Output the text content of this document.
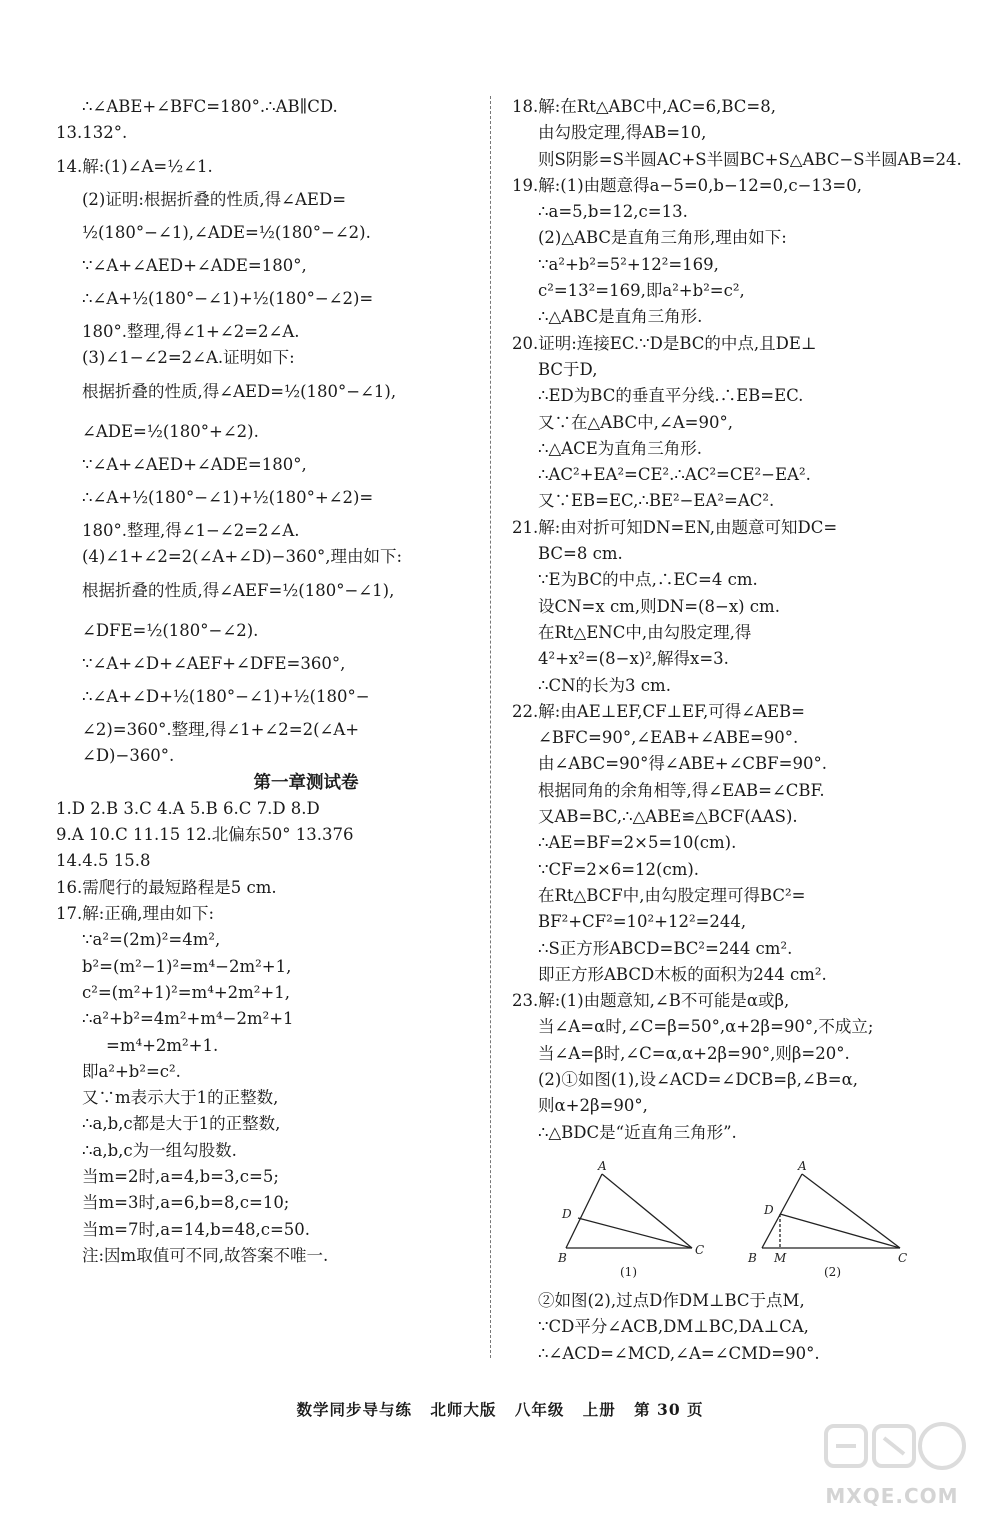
∴∠ABE+∠BFC=180°.∴AB∥CD.
13.132°.
14.解:(1)∠A=½∠1.
(2)证明:根据折叠的性质,得∠AED=
½(180°−∠1),∠ADE=½(180°−∠2).
∵∠A+∠AED+∠ADE=180°,
∴∠A+½(180°−∠1)+½(180°−∠2)=
180°.整理,得∠1+∠2=2∠A.
(3)∠1−∠2=2∠A.证明如下:
根据折叠的性质,得∠AED=½(180°−∠1),
∠ADE=½(180°+∠2).
∵∠A+∠AED+∠ADE=180°,
∴∠A+½(180°−∠1)+½(180°+∠2)=
180°.整理,得∠1−∠2=2∠A.
(4)∠1+∠2=2(∠A+∠D)−360°,理由如下:
根据折叠的性质,得∠AEF=½(180°−∠1),
∠DFE=½(180°−∠2).
∵∠A+∠D+∠AEF+∠DFE=360°,
∴∠A+∠D+½(180°−∠1)+½(180°−
∠2)=360°.整理,得∠1+∠2=2(∠A+
∠D)−360°.
第一章测试卷
1.D 2.B 3.C 4.A 5.B 6.C 7.D 8.D
9.A 10.C 11.15 12.北偏东50° 13.376
14.4.5 15.8
16.需爬行的最短路程是5 cm.
17.解:正确,理由如下:
∵a²=(2m)²=4m²,
b²=(m²−1)²=m⁴−2m²+1,
c²=(m²+1)²=m⁴+2m²+1,
∴a²+b²=4m²+m⁴−2m²+1
=m⁴+2m²+1.
即a²+b²=c².
又∵m表示大于1的正整数,
∴a,b,c都是大于1的正整数,
∴a,b,c为一组勾股数.
当m=2时,a=4,b=3,c=5;
当m=3时,a=6,b=8,c=10;
当m=7时,a=14,b=48,c=50.
注:因m取值可不同,故答案不唯一.
18.解:在Rt△ABC中,AC=6,BC=8,
由勾股定理,得AB=10,
则S阴影=S半圆AC+S半圆BC+S△ABC−S半圆AB=24.
19.解:(1)由题意得a−5=0,b−12=0,c−13=0,
∴a=5,b=12,c=13.
(2)△ABC是直角三角形,理由如下:
∵a²+b²=5²+12²=169,
c²=13²=169,即a²+b²=c²,
∴△ABC是直角三角形.
20.证明:连接EC.∵D是BC的中点,且DE⊥
BC于D,
∴ED为BC的垂直平分线.∴EB=EC.
又∵在△ABC中,∠A=90°,
∴△ACE为直角三角形.
∴AC²+EA²=CE².∴AC²=CE²−EA².
又∵EB=EC,∴BE²−EA²=AC².
21.解:由对折可知DN=EN,由题意可知DC=
BC=8 cm.
∵E为BC的中点,∴EC=4 cm.
设CN=x cm,则DN=(8−x) cm.
在Rt△ENC中,由勾股定理,得
4²+x²=(8−x)²,解得x=3.
∴CN的长为3 cm.
22.解:由AE⊥EF,CF⊥EF,可得∠AEB=
∠BFC=90°,∠EAB+∠ABE=90°.
由∠ABC=90°得∠ABE+∠CBF=90°.
根据同角的余角相等,得∠EAB=∠CBF.
又AB=BC,∴△ABE≌△BCF(AAS).
∴AE=BF=2×5=10(cm).
∵CF=2×6=12(cm).
在Rt△BCF中,由勾股定理可得BC²=
BF²+CF²=10²+12²=244,
∴S正方形ABCD=BC²=244 cm².
即正方形ABCD木板的面积为244 cm².
23.解:(1)由题意知,∠B不可能是α或β,
当∠A=α时,∠C=β=50°,α+2β=90°,不成立;
当∠A=β时,∠C=α,α+2β=90°,则β=20°.
(2)①如图(1),设∠ACD=∠DCB=β,∠B=α,
则α+2β=90°,
∴△BDC是“近直角三角形”.
A
D
B
C
(1)
A
D
B M	C
(2)
②如图(2),过点D作DM⊥BC于点M,
∵CD平分∠ACB,DM⊥BC,DA⊥CA,
∴∠ACD=∠MCD,∠A=∠CMD=90°.
数学同步导与练 北师大版 八年级 上册 第 30 页
MXQE.COM
